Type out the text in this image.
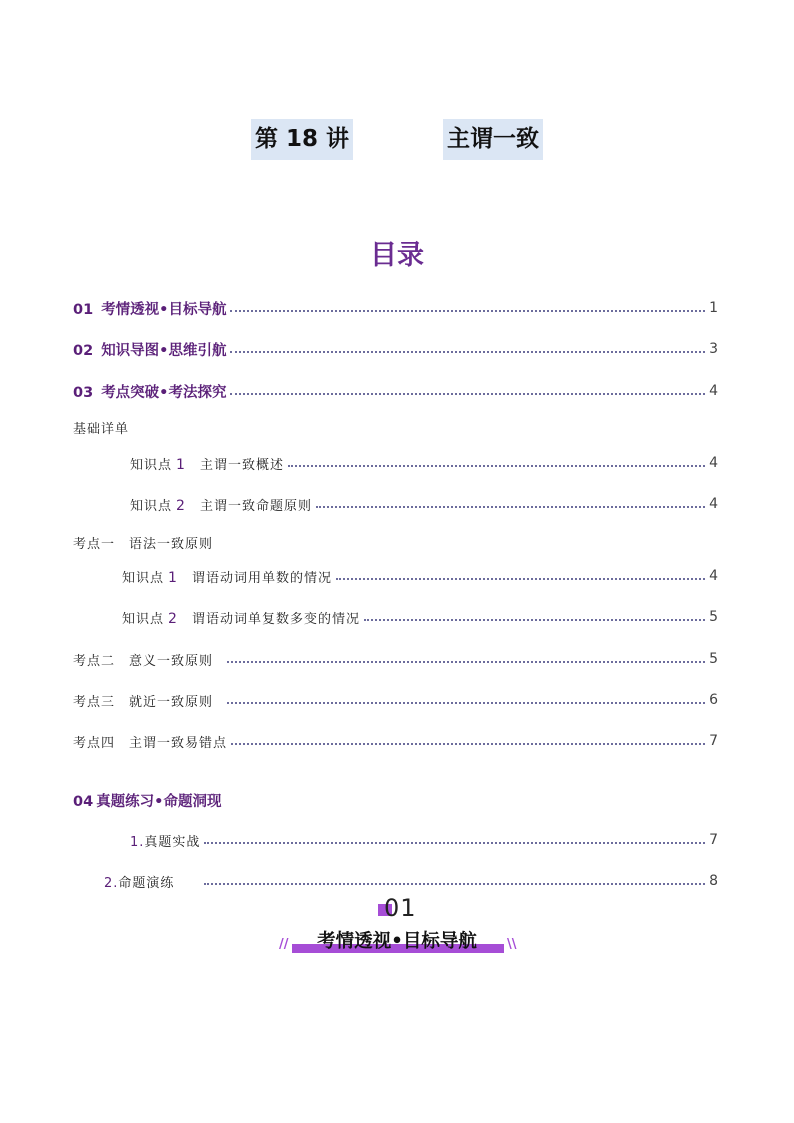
第 18 讲	主谓一致
目录
01 考情透视•目标导航	1
02 知识导图•思维引航	3
03 考点突破•考法探究	4
基础详单
知识点 1 主谓一致概述	4
知识点 2 主谓一致命题原则	4
考点一　语法一致原则
知识点 1 谓语动词用单数的情况	4
知识点 2 谓语动词单复数多变的情况	5
考点二　意义一致原则	5
考点三　就近一致原则	6
考点四　主谓一致易错点	7
04 真题练习•命题洞现
1.真题实战	7
2.命题演练	8
01
//	考情透视•目标导航	\\
